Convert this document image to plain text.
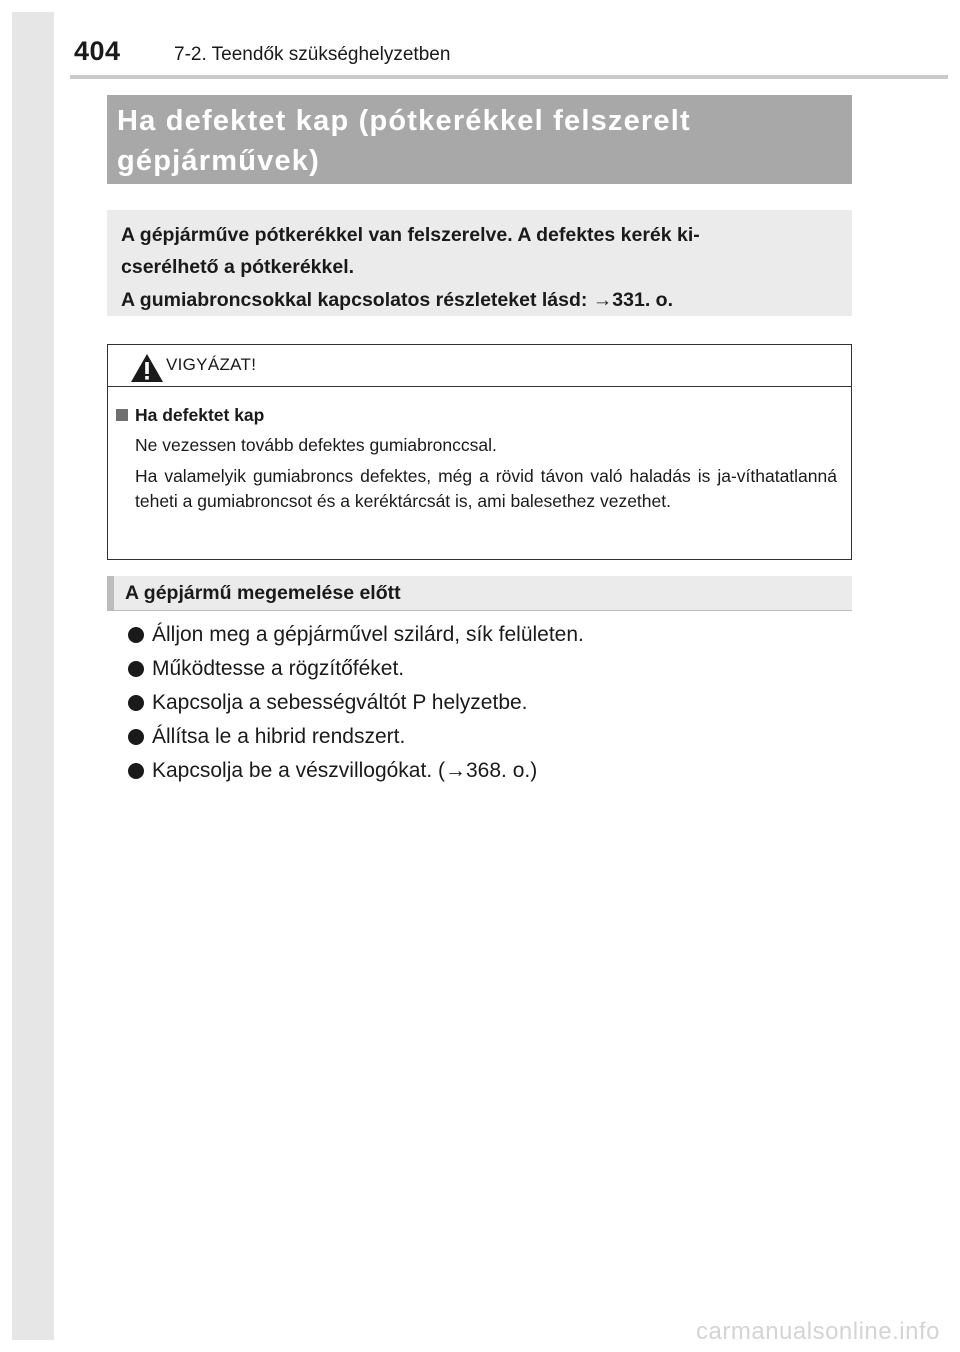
404	7-2. Teendők szükséghelyzetben
Ha defektet kap (pótkerékkel felszerelt
gépjárművek)
A gépjárműve pótkerékkel van felszerelve. A defektes kerék ki-
cserélhető a pótkerékkel.
A gumiabroncsokkal kapcsolatos részleteket lásd: →331. o.
VIGYÁZAT!
Ha defektet kap
Ne vezessen tovább defektes gumiabronccsal.
Ha valamelyik gumiabroncs defektes, még a rövid távon való haladás is ja-víthatatlanná teheti a gumiabroncsot és a keréktárcsát is, ami balesethez vezethet.
A gépjármű megemelése előtt
Álljon meg a gépjárművel szilárd, sík felületen.
Működtesse a rögzítőféket.
Kapcsolja a sebességváltót P helyzetbe.
Állítsa le a hibrid rendszert.
Kapcsolja be a vészvillogókat. (→368. o.)
carmanualsonline.info
